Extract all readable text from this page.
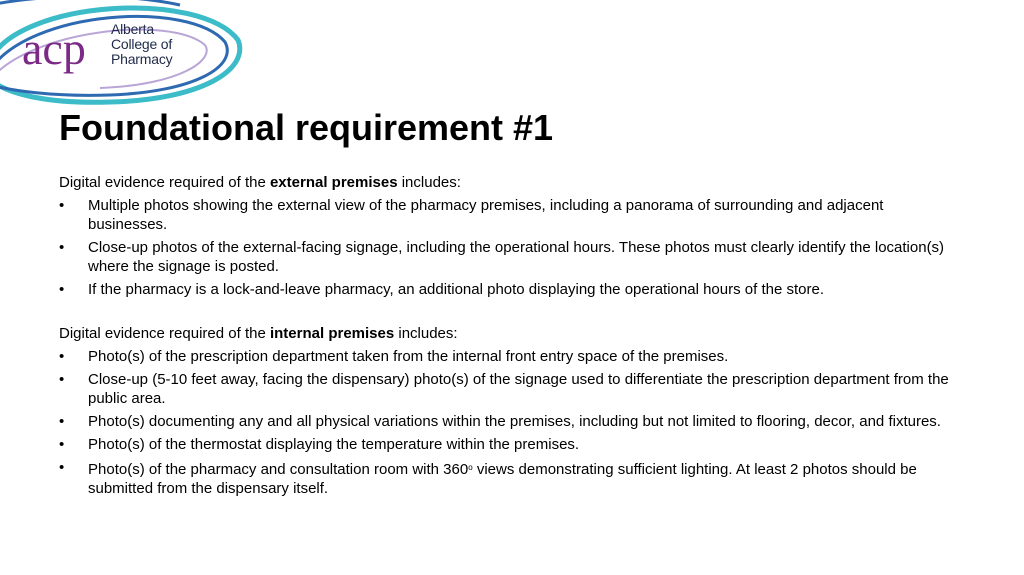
acp Alberta
College of
Pharmacy
Foundational requirement #1

Digital evidence required of the external premises includes:

•	Multiple photos showing the external view of the pharmacy premises, including a panorama of surrounding and adjacent businesses.
•	Close-up photos of the external-facing signage, including the operational hours. These photos must clearly identify the location(s) where the signage is posted.
•	If the pharmacy is a lock-and-leave pharmacy, an additional photo displaying the operational hours of the store.

Digital evidence required of the internal premises includes:

•	Photo(s) of the prescription department taken from the internal front entry space of the premises.
•	Close-up (5-10 feet away, facing the dispensary) photo(s) of the signage used to differentiate the prescription department from the public area.
•	Photo(s) documenting any and all physical variations within the premises, including but not limited to flooring, decor, and fixtures.
•	Photo(s) of the thermostat displaying the temperature within the premises.
•	Photo(s) of the pharmacy and consultation room with 360$^o$ views demonstrating sufficient lighting. At least 2 photos should be submitted from the dispensary itself.
